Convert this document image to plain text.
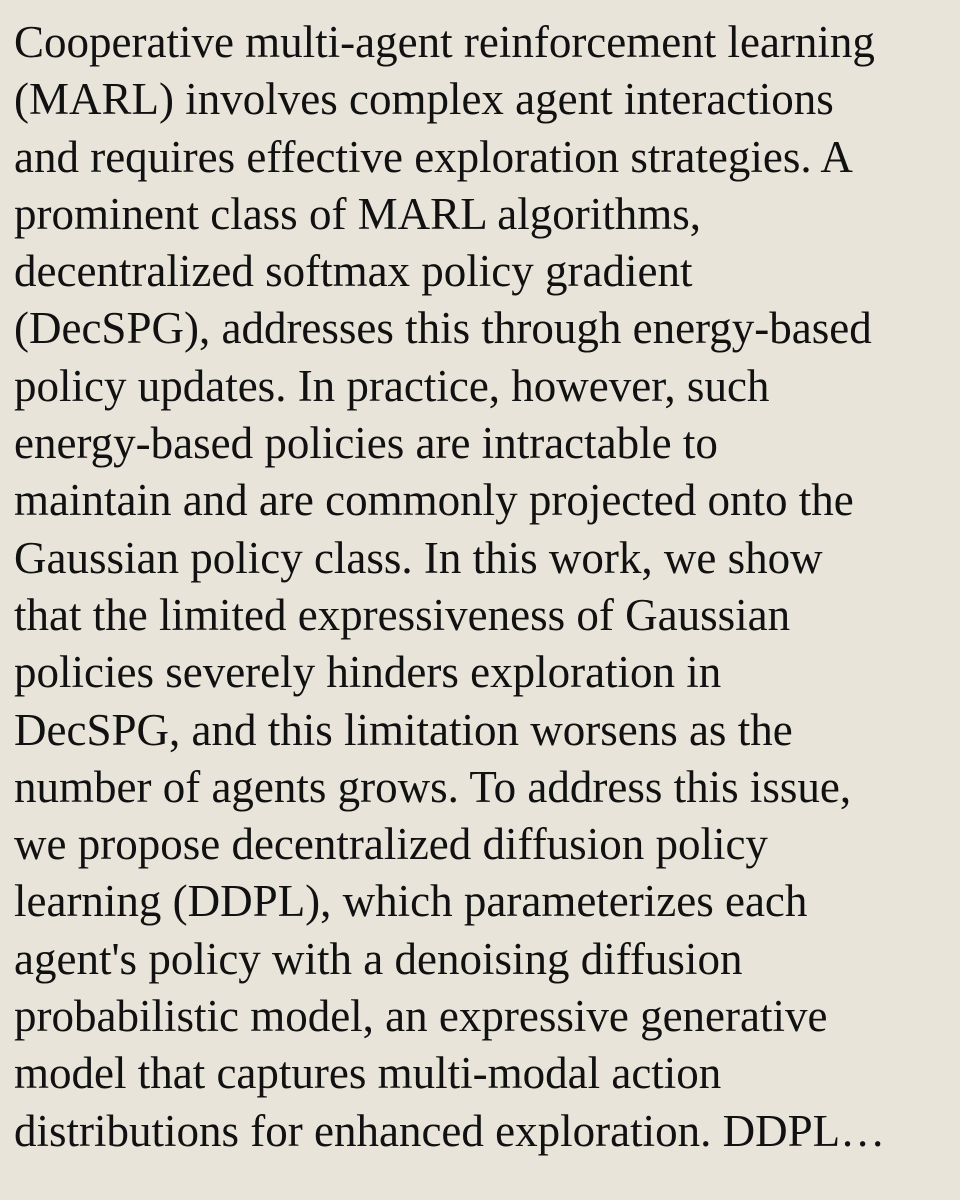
Cooperative multi-agent reinforcement learning
(MARL) involves complex agent interactions
and requires effective exploration strategies. A
prominent class of MARL algorithms,
decentralized softmax policy gradient
(DecSPG), addresses this through energy-based
policy updates. In practice, however, such
energy-based policies are intractable to
maintain and are commonly projected onto the
Gaussian policy class. In this work, we show
that the limited expressiveness of Gaussian
policies severely hinders exploration in
DecSPG, and this limitation worsens as the
number of agents grows. To address this issue,
we propose decentralized diffusion policy
learning (DDPL), which parameterizes each
agent's policy with a denoising diffusion
probabilistic model, an expressive generative
model that captures multi-modal action
distributions for enhanced exploration. DDPL…
